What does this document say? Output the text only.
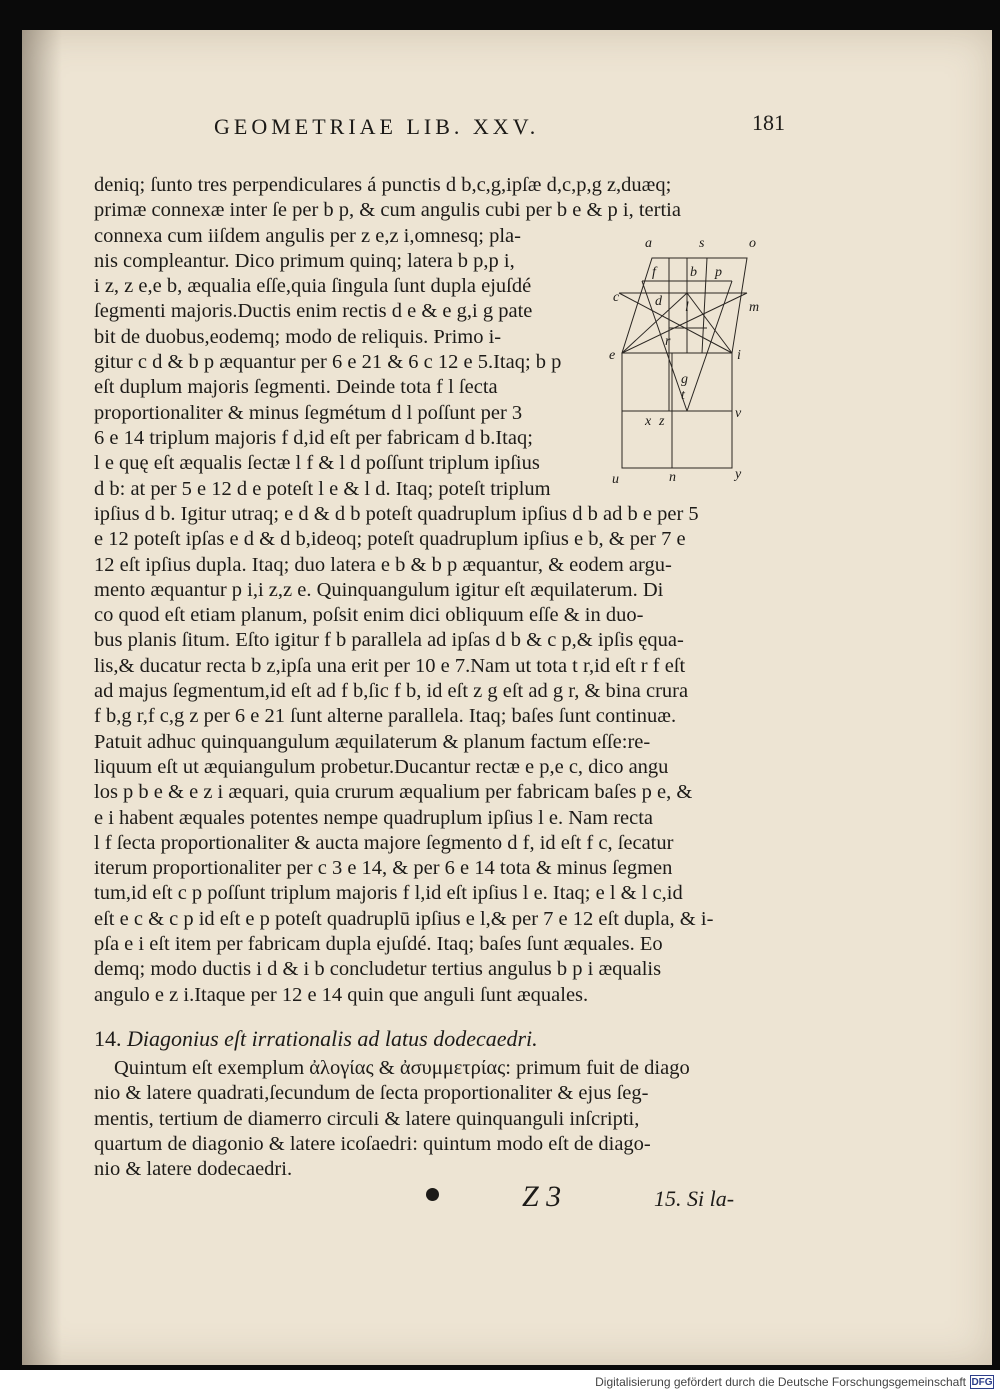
GEOMETRIAE LIB. XXV.	181
deniq; ſunto tres perpendiculares á punctis d b,c,g,ipſæ d,c,p,g z,duæq;
primæ connexæ inter ſe per b p, & cum angulis cubi per b e & p i, tertia
connexa cum iiſdem angulis per z e,z i,omnesq; pla-
nis compleantur. Dico primum quinq; latera b p,p i,
i z, z e,e b, æqualia eſſe,quia ſingula ſunt dupla ejuſdé
ſegmenti majoris.Ductis enim rectis d e & e g,i g pate
bit de duobus,eodemq; modo de reliquis. Primo i-
gitur c d & b p æquantur per 6 e 21 & 6 c 12 e 5.Itaq; b p
eſt duplum majoris ſegmenti. Deinde tota f l ſecta
proportionaliter & minus ſegmétum d l poſſunt per 3
6 e 14 triplum majoris f d,id eſt per fabricam d b.Itaq;
l e quę eſt æqualis ſectæ l f & l d poſſunt triplum ipſius
d b: at per 5 e 12 d e poteſt l e & l d. Itaq; poteſt triplum
a	s	o
f b p
c	d	m
e	i
r
g
t
z
x
v
u	n	y
l
ipſius d b. Igitur utraq; e d & d b poteſt quadruplum ipſius d b ad b e per 5
e 12 poteſt ipſas e d & d b,ideoq; poteſt quadruplum ipſius e b, & per 7 e
12 eſt ipſius dupla. Itaq; duo latera e b & b p æquantur, & eodem argu-
mento æquantur p i,i z,z e. Quinquangulum igitur eſt æquilaterum. Di
co quod eſt etiam planum, poſsit enim dici obliquum eſſe & in duo-
bus planis ſitum. Eſto igitur f b parallela ad ipſas d b & c p,& ipſis ęqua-
lis,& ducatur recta b z,ipſa una erit per 10 e 7.Nam ut tota t r,id eſt r f eſt
ad majus ſegmentum,id eſt ad f b,ſic f b, id eſt z g eſt ad g r, & bina crura
f b,g r,f c,g z per 6 e 21 ſunt alterne parallela. Itaq; baſes ſunt continuæ.
Patuit adhuc quinquangulum æquilaterum & planum factum eſſe:re-
liquum eſt ut æquiangulum probetur.Ducantur rectæ e p,e c, dico angu
los p b e & e z i æquari, quia crurum æqualium per fabricam baſes p e, &
e i habent æquales potentes nempe quadruplum ipſius l e. Nam recta
l f ſecta proportionaliter & aucta majore ſegmento d f, id eſt f c, ſecatur
iterum proportionaliter per c 3 e 14, & per 6 e 14 tota & minus ſegmen
tum,id eſt c p poſſunt triplum majoris f l,id eſt ipſius l e. Itaq; e l & l c,id
eſt e c & c p id eſt e p poteſt quadruplū ipſius e l,& per 7 e 12 eſt dupla, & i-
pſa e i eſt item per fabricam dupla ejuſdé. Itaq; baſes ſunt æquales. Eo
demq; modo ductis i d & i b concludetur tertius angulus b p i æqualis
angulo e z i.Itaque per 12 e 14 quin que anguli ſunt æquales.
14. Diagonius eſt irrationalis ad latus dodecaedri.
Quintum eſt exemplum ἀλογίας & ἀσυμμετρίας: primum fuit de diago
nio & latere quadrati,ſecundum de ſecta proportionaliter & ejus ſeg-
mentis, tertium de diamerro circuli & latere quinquanguli inſcripti,
quartum de diagonio & latere icoſaedri: quintum modo eſt de diago-
nio & latere dodecaedri.
Z 3	15. Si la-
Digitalisierung gefördert durch die Deutsche Forschungsgemeinschaft DFG
